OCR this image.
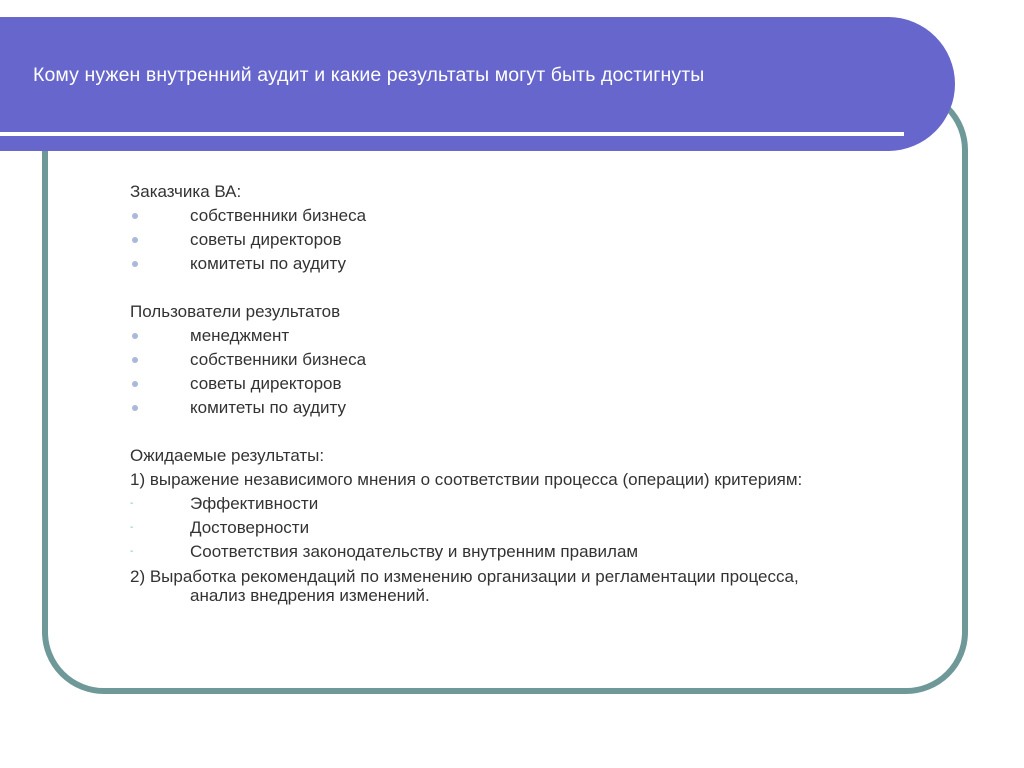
Кому нужен внутренний аудит и какие результаты могут быть достигнуты

Заказчика ВА:

собственники бизнеса
советы директоров
комитеты по аудиту

Пользователи результатов

менеджмент
собственники бизнеса
советы директоров
комитеты по аудиту

Ожидаемые результаты:

1) выражение независимого мнения о соответствии процесса (операции) критериям:

-	Эффективности
-	Достоверности
-	Соответствия законодательству и внутренним правилам

2) Выработка рекомендаций по изменению организации и регламентации процесса,
анализ внедрения изменений.
